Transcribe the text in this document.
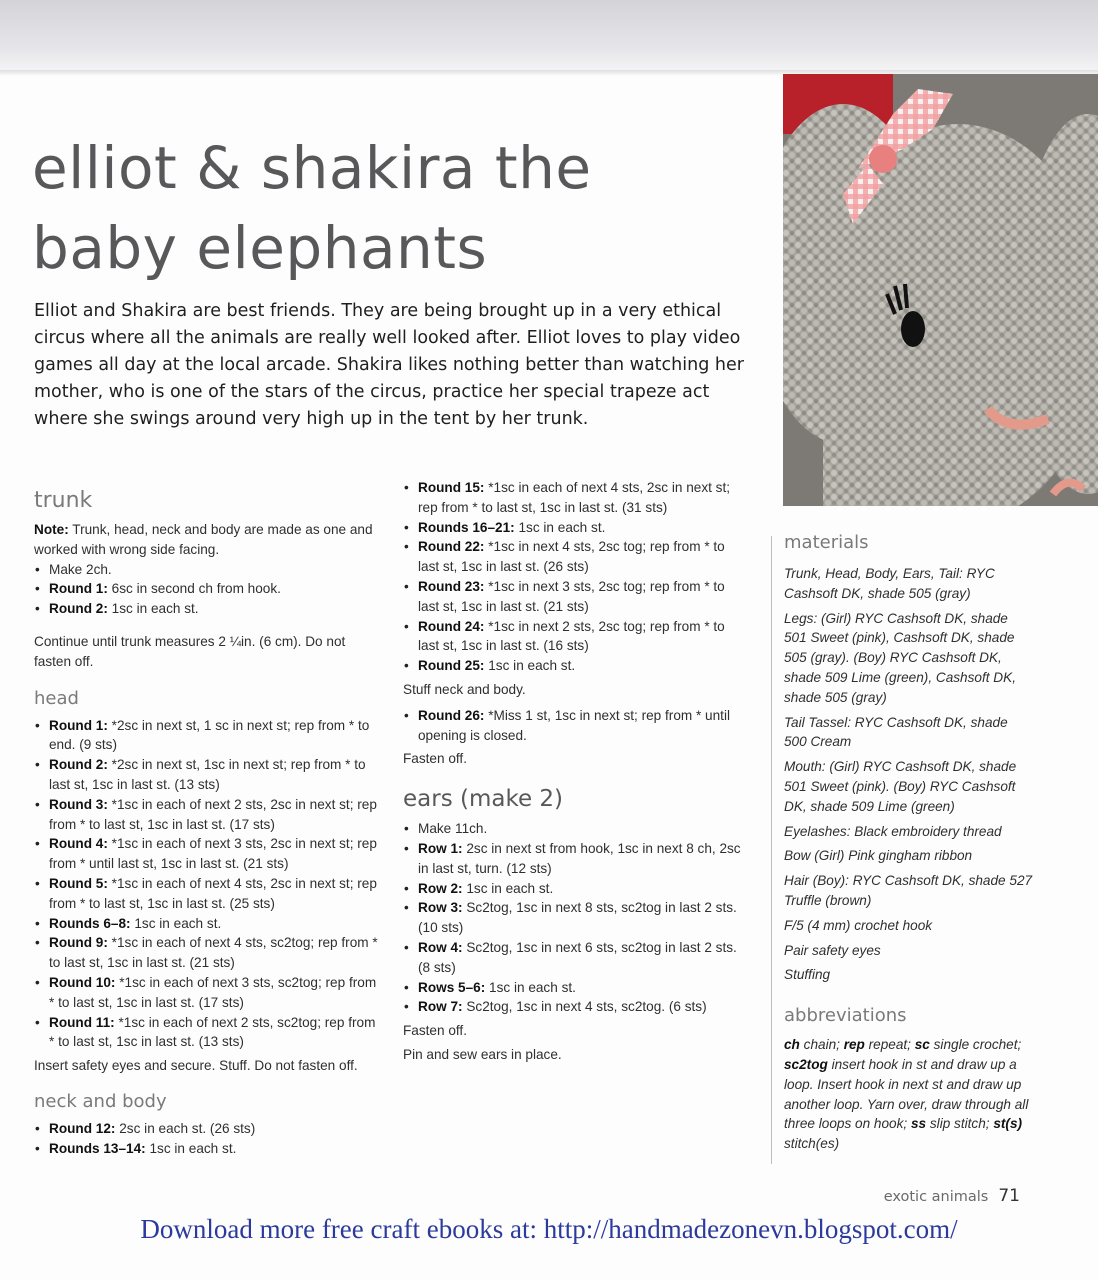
elliot & shakira the
baby elephants

Elliot and Shakira are best friends. They are being brought up in a very ethical circus where all the animals are really well looked after. Elliot loves to play video games all day at the local arcade. Shakira likes nothing better than watching her mother, who is one of the stars of the circus, practice her special trapeze act where she swings around very high up in the tent by her trunk.

trunk

Note: Trunk, head, neck and body are made as one and worked with wrong side facing.

• Make 2ch.
• Round 1: 6sc in second ch from hook.
• Round 2: 1sc in each st.

Continue until trunk measures 2 ¼in. (6 cm). Do not fasten off.

head
• Round 1: *2sc in next st, 1 sc in next st; rep from * to end. (9 sts)
• Round 2: *2sc in next st, 1sc in next st; rep from * to last st, 1sc in last st. (13 sts)
• Round 3: *1sc in each of next 2 sts, 2sc in next st; rep from * to last st, 1sc in last st. (17 sts)
• Round 4: *1sc in each of next 3 sts, 2sc in next st; rep from * until last st, 1sc in last st. (21 sts)
• Round 5: *1sc in each of next 4 sts, 2sc in next st; rep from * to last st, 1sc in last st. (25 sts)
• Rounds 6–8: 1sc in each st.
• Round 9: *1sc in each of next 4 sts, sc2tog; rep from * to last st, 1sc in last st. (21 sts)
• Round 10: *1sc in each of next 3 sts, sc2tog; rep from * to last st, 1sc in last st. (17 sts)
• Round 11: *1sc in each of next 2 sts, sc2tog; rep from * to last st, 1sc in last st. (13 sts)

Insert safety eyes and secure. Stuff. Do not fasten off.

neck and body
• Round 12: 2sc in each st. (26 sts)
• Rounds 13–14: 1sc in each st.
• Round 15: *1sc in each of next 4 sts, 2sc in next st; rep from * to last st, 1sc in last st. (31 sts)
• Rounds 16–21: 1sc in each st.
• Round 22: *1sc in next 4 sts, 2sc tog; rep from * to last st, 1sc in last st. (26 sts)
• Round 23: *1sc in next 3 sts, 2sc tog; rep from * to last st, 1sc in last st. (21 sts)
• Round 24: *1sc in next 2 sts, 2sc tog; rep from * to last st, 1sc in last st. (16 sts)
• Round 25: 1sc in each st.

Stuff neck and body.

• Round 26: *Miss 1 st, 1sc in next st; rep from * until opening is closed.

Fasten off.

ears (make 2)
• Make 11ch.
• Row 1: 2sc in next st from hook, 1sc in next 8 ch, 2sc in last st, turn. (12 sts)
• Row 2: 1sc in each st.
• Row 3: Sc2tog, 1sc in next 8 sts, sc2tog in last 2 sts. (10 sts)
• Row 4: Sc2tog, 1sc in next 6 sts, sc2tog in last 2 sts. (8 sts)
• Rows 5–6: 1sc in each st.
• Row 7: Sc2tog, 1sc in next 4 sts, sc2tog. (6 sts)

Fasten off.

Pin and sew ears in place.

materials

Trunk, Head, Body, Ears, Tail: RYC Cashsoft DK, shade 505 (gray)

Legs: (Girl) RYC Cashsoft DK, shade 501 Sweet (pink), Cashsoft DK, shade 505 (gray). (Boy) RYC Cashsoft DK, shade 509 Lime (green), Cashsoft DK, shade 505 (gray)

Tail Tassel: RYC Cashsoft DK, shade 500 Cream

Mouth: (Girl) RYC Cashsoft DK, shade 501 Sweet (pink). (Boy) RYC Cashsoft DK, shade 509 Lime (green)

Eyelashes: Black embroidery thread

Bow (Girl) Pink gingham ribbon

Hair (Boy): RYC Cashsoft DK, shade 527 Truffle (brown)

F/5 (4 mm) crochet hook

Pair safety eyes

Stuffing

abbreviations

ch chain; rep repeat; sc single crochet; sc2tog insert hook in st and draw up a loop. Insert hook in next st and draw up another loop. Yarn over, draw through all three loops on hook; ss slip stitch; st(s) stitch(es)

exotic animals 71
Download more free craft ebooks at: http://handmadezonevn.blogspot.com/
